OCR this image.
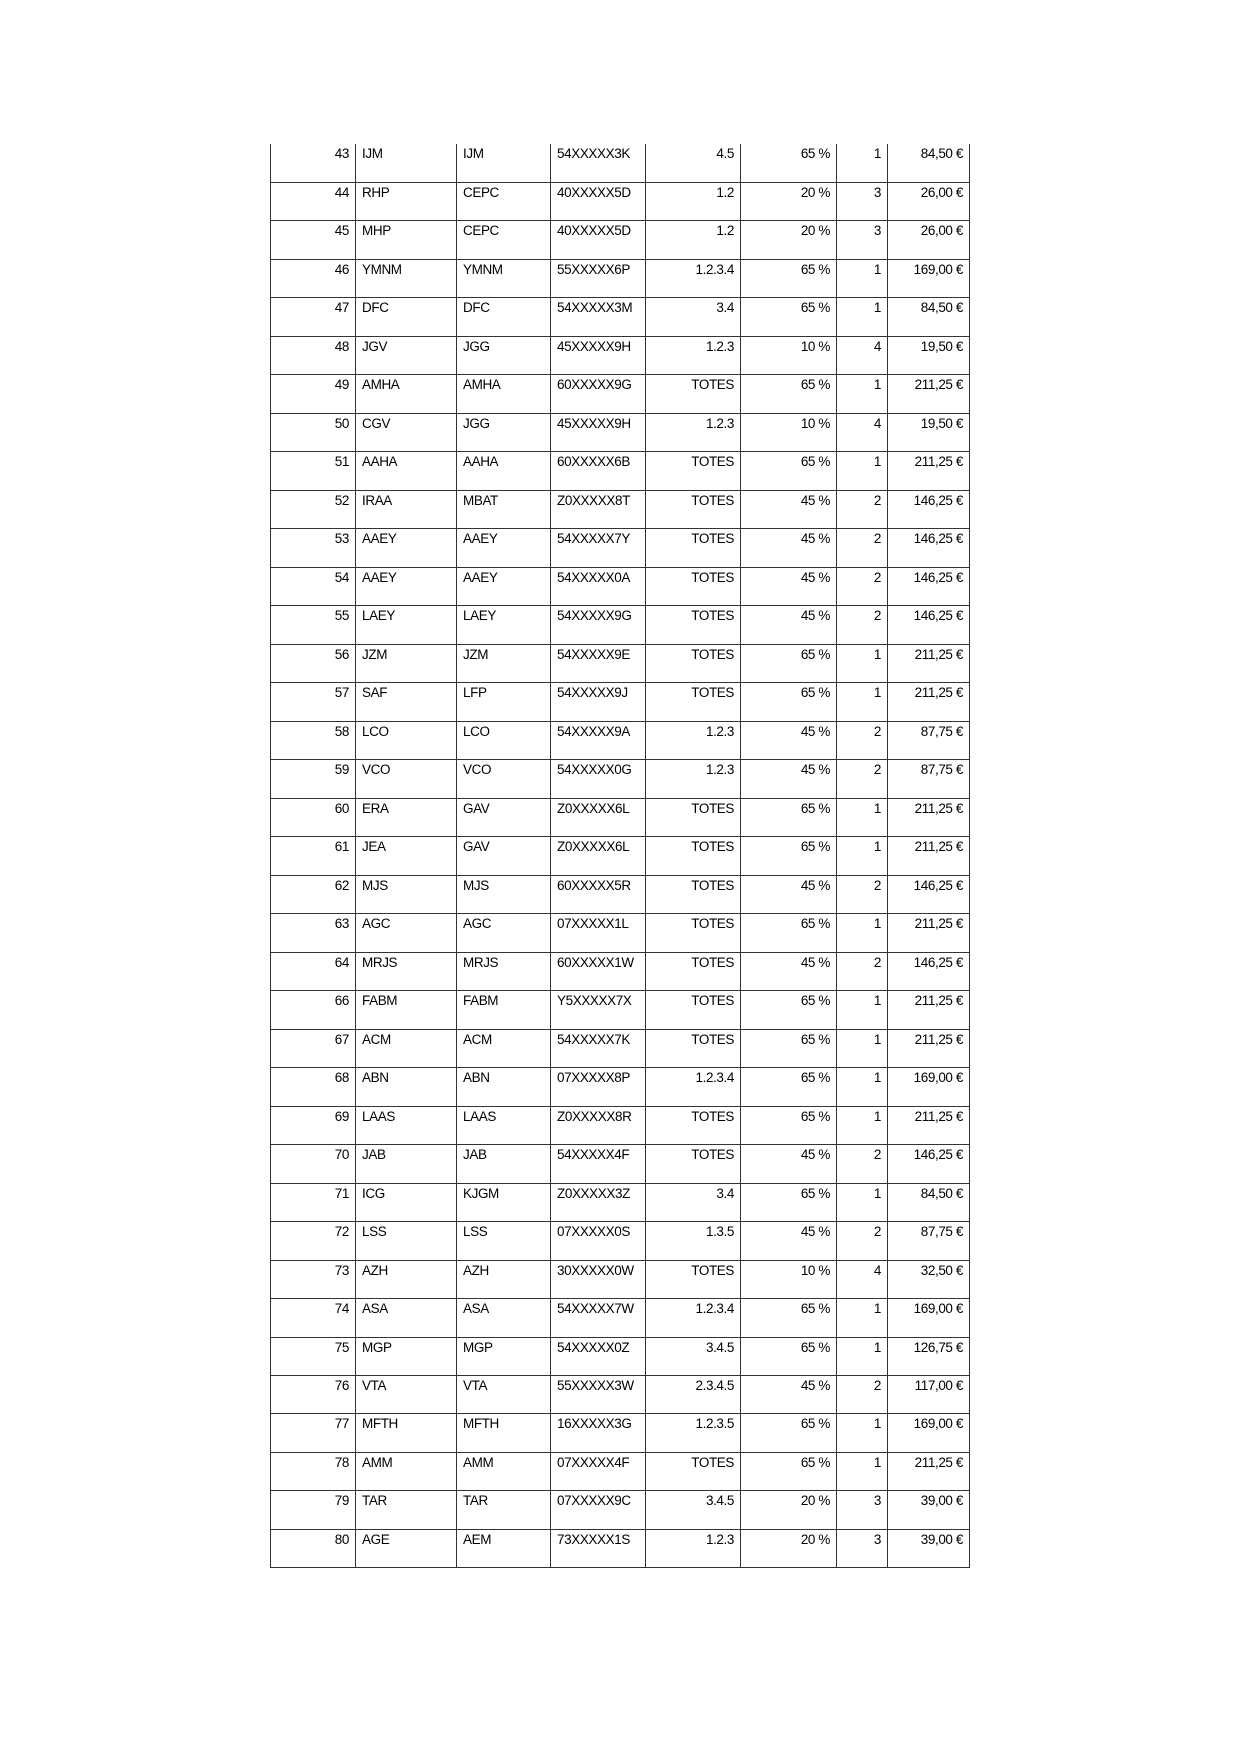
43	IJM	IJM	54XXXXX3K	4.5	65 %	1	84,50 €
44	RHP	CEPC	40XXXXX5D	1.2	20 %	3	26,00 €
45	MHP	CEPC	40XXXXX5D	1.2	20 %	3	26,00 €
46	YMNM	YMNM	55XXXXX6P	1.2.3.4	65 %	1	169,00 €
47	DFC	DFC	54XXXXX3M	3.4	65 %	1	84,50 €
48	JGV	JGG	45XXXXX9H	1.2.3	10 %	4	19,50 €
49	AMHA	AMHA	60XXXXX9G	TOTES	65 %	1	211,25 €
50	CGV	JGG	45XXXXX9H	1.2.3	10 %	4	19,50 €
51	AAHA	AAHA	60XXXXX6B	TOTES	65 %	1	211,25 €
52	IRAA	MBAT	Z0XXXXX8T	TOTES	45 %	2	146,25 €
53	AAEY	AAEY	54XXXXX7Y	TOTES	45 %	2	146,25 €
54	AAEY	AAEY	54XXXXX0A	TOTES	45 %	2	146,25 €
55	LAEY	LAEY	54XXXXX9G	TOTES	45 %	2	146,25 €
56	JZM	JZM	54XXXXX9E	TOTES	65 %	1	211,25 €
57	SAF	LFP	54XXXXX9J	TOTES	65 %	1	211,25 €
58	LCO	LCO	54XXXXX9A	1.2.3	45 %	2	87,75 €
59	VCO	VCO	54XXXXX0G	1.2.3	45 %	2	87,75 €
60	ERA	GAV	Z0XXXXX6L	TOTES	65 %	1	211,25 €
61	JEA	GAV	Z0XXXXX6L	TOTES	65 %	1	211,25 €
62	MJS	MJS	60XXXXX5R	TOTES	45 %	2	146,25 €
63	AGC	AGC	07XXXXX1L	TOTES	65 %	1	211,25 €
64	MRJS	MRJS	60XXXXX1W	TOTES	45 %	2	146,25 €
66	FABM	FABM	Y5XXXXX7X	TOTES	65 %	1	211,25 €
67	ACM	ACM	54XXXXX7K	TOTES	65 %	1	211,25 €
68	ABN	ABN	07XXXXX8P	1.2.3.4	65 %	1	169,00 €
69	LAAS	LAAS	Z0XXXXX8R	TOTES	65 %	1	211,25 €
70	JAB	JAB	54XXXXX4F	TOTES	45 %	2	146,25 €
71	ICG	KJGM	Z0XXXXX3Z	3.4	65 %	1	84,50 €
72	LSS	LSS	07XXXXX0S	1.3.5	45 %	2	87,75 €
73	AZH	AZH	30XXXXX0W	TOTES	10 %	4	32,50 €
74	ASA	ASA	54XXXXX7W	1.2.3.4	65 %	1	169,00 €
75	MGP	MGP	54XXXXX0Z	3.4.5	65 %	1	126,75 €
76	VTA	VTA	55XXXXX3W	2.3.4.5	45 %	2	117,00 €
77	MFTH	MFTH	16XXXXX3G	1.2.3.5	65 %	1	169,00 €
78	AMM	AMM	07XXXXX4F	TOTES	65 %	1	211,25 €
79	TAR	TAR	07XXXXX9C	3.4.5	20 %	3	39,00 €
80	AGE	AEM	73XXXXX1S	1.2.3	20 %	3	39,00 €
